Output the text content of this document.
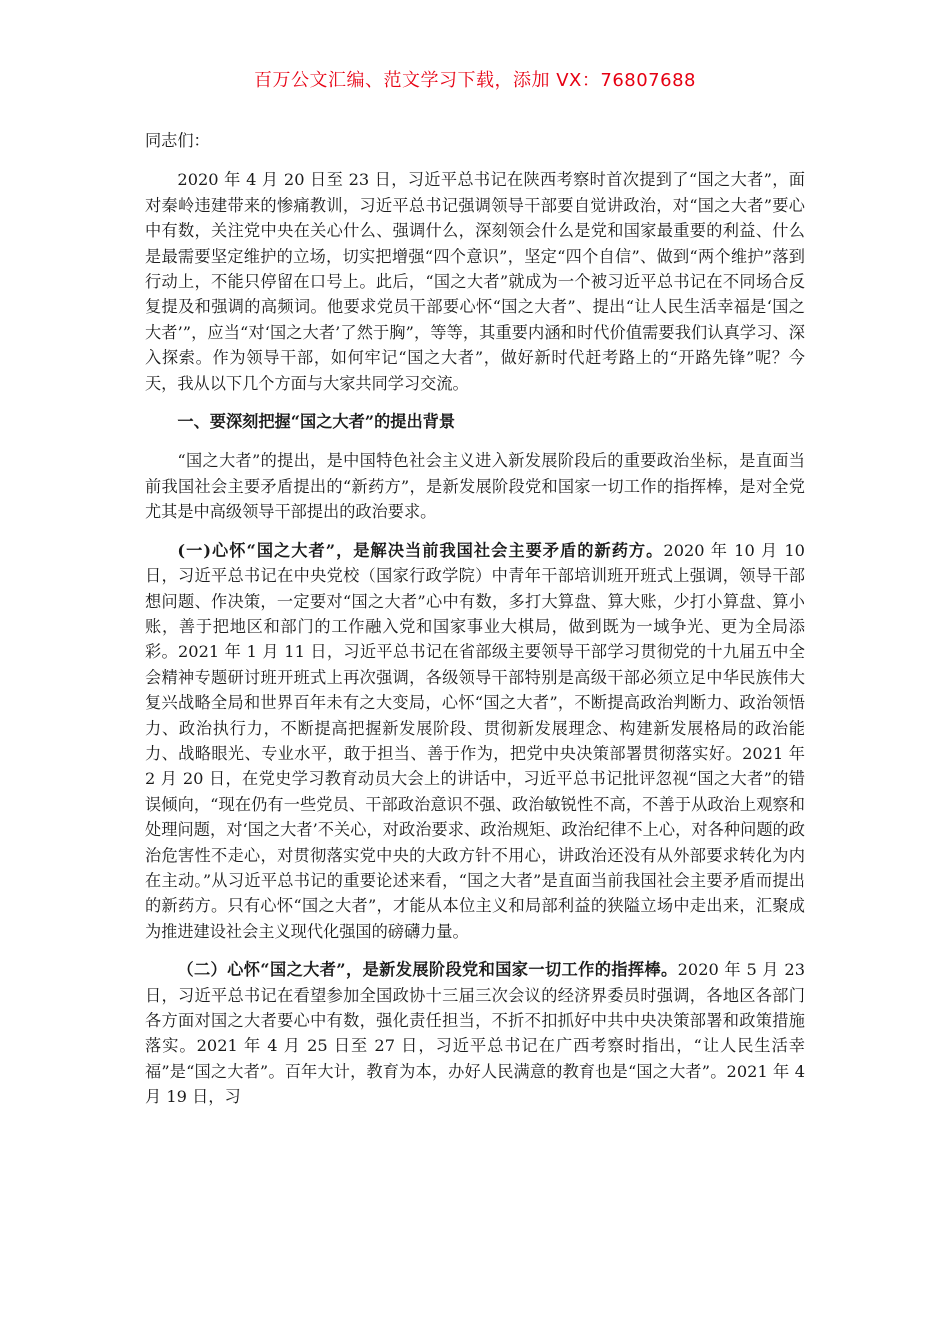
百万公文汇编、范文学习下载，添加 VX：76807688

同志们：

2020 年 4 月 20 日至 23 日，习近平总书记在陕西考察时首次提到了“国之大者”，面对秦岭违建带来的惨痛教训，习近平总书记强调领导干部要自觉讲政治，对“国之大者”要心中有数，关注党中央在关心什么、强调什么，深刻领会什么是党和国家最重要的利益、什么是最需要坚定维护的立场，切实把增强“四个意识”，坚定“四个自信”、做到“两个维护”落到行动上，不能只停留在口号上。此后，“国之大者”就成为一个被习近平总书记在不同场合反复提及和强调的高频词。他要求党员干部要心怀“国之大者”、提出“让人民生活幸福是‘国之大者’”，应当“对‘国之大者’了然于胸”，等等，其重要内涵和时代价值需要我们认真学习、深入探索。作为领导干部，如何牢记“国之大者”，做好新时代赶考路上的“开路先锋”呢？今天，我从以下几个方面与大家共同学习交流。

一、要深刻把握“国之大者”的提出背景

“国之大者”的提出，是中国特色社会主义进入新发展阶段后的重要政治坐标，是直面当前我国社会主要矛盾提出的“新药方”，是新发展阶段党和国家一切工作的指挥棒，是对全党尤其是中高级领导干部提出的政治要求。

(一)心怀“国之大者”，是解决当前我国社会主要矛盾的新药方。2020 年 10 月 10 日，习近平总书记在中央党校（国家行政学院）中青年干部培训班开班式上强调，领导干部想问题、作决策，一定要对“国之大者”心中有数，多打大算盘、算大账，少打小算盘、算小账，善于把地区和部门的工作融入党和国家事业大棋局，做到既为一域争光、更为全局添彩。2021 年 1 月 11 日，习近平总书记在省部级主要领导干部学习贯彻党的十九届五中全会精神专题研讨班开班式上再次强调，各级领导干部特别是高级干部必须立足中华民族伟大复兴战略全局和世界百年未有之大变局，心怀“国之大者”，不断提高政治判断力、政治领悟力、政治执行力，不断提高把握新发展阶段、贯彻新发展理念、构建新发展格局的政治能力、战略眼光、专业水平，敢于担当、善于作为，把党中央决策部署贯彻落实好。2021 年 2 月 20 日，在党史学习教育动员大会上的讲话中，习近平总书记批评忽视“国之大者”的错误倾向，“现在仍有一些党员、干部政治意识不强、政治敏锐性不高，不善于从政治上观察和处理问题，对‘国之大者’不关心，对政治要求、政治规矩、政治纪律不上心，对各种问题的政治危害性不走心，对贯彻落实党中央的大政方针不用心，讲政治还没有从外部要求转化为内在主动。”从习近平总书记的重要论述来看，“国之大者”是直面当前我国社会主要矛盾而提出的新药方。只有心怀“国之大者”，才能从本位主义和局部利益的狭隘立场中走出来，汇聚成为推进建设社会主义现代化强国的磅礴力量。

（二）心怀“国之大者”，是新发展阶段党和国家一切工作的指挥棒。2020 年 5 月 23 日，习近平总书记在看望参加全国政协十三届三次会议的经济界委员时强调，各地区各部门各方面对国之大者要心中有数，强化责任担当，不折不扣抓好中共中央决策部署和政策措施落实。2021 年 4 月 25 日至 27 日，习近平总书记在广西考察时指出，“让人民生活幸福”是“国之大者”。百年大计，教育为本，办好人民满意的教育也是“国之大者”。2021 年 4 月 19 日，习
